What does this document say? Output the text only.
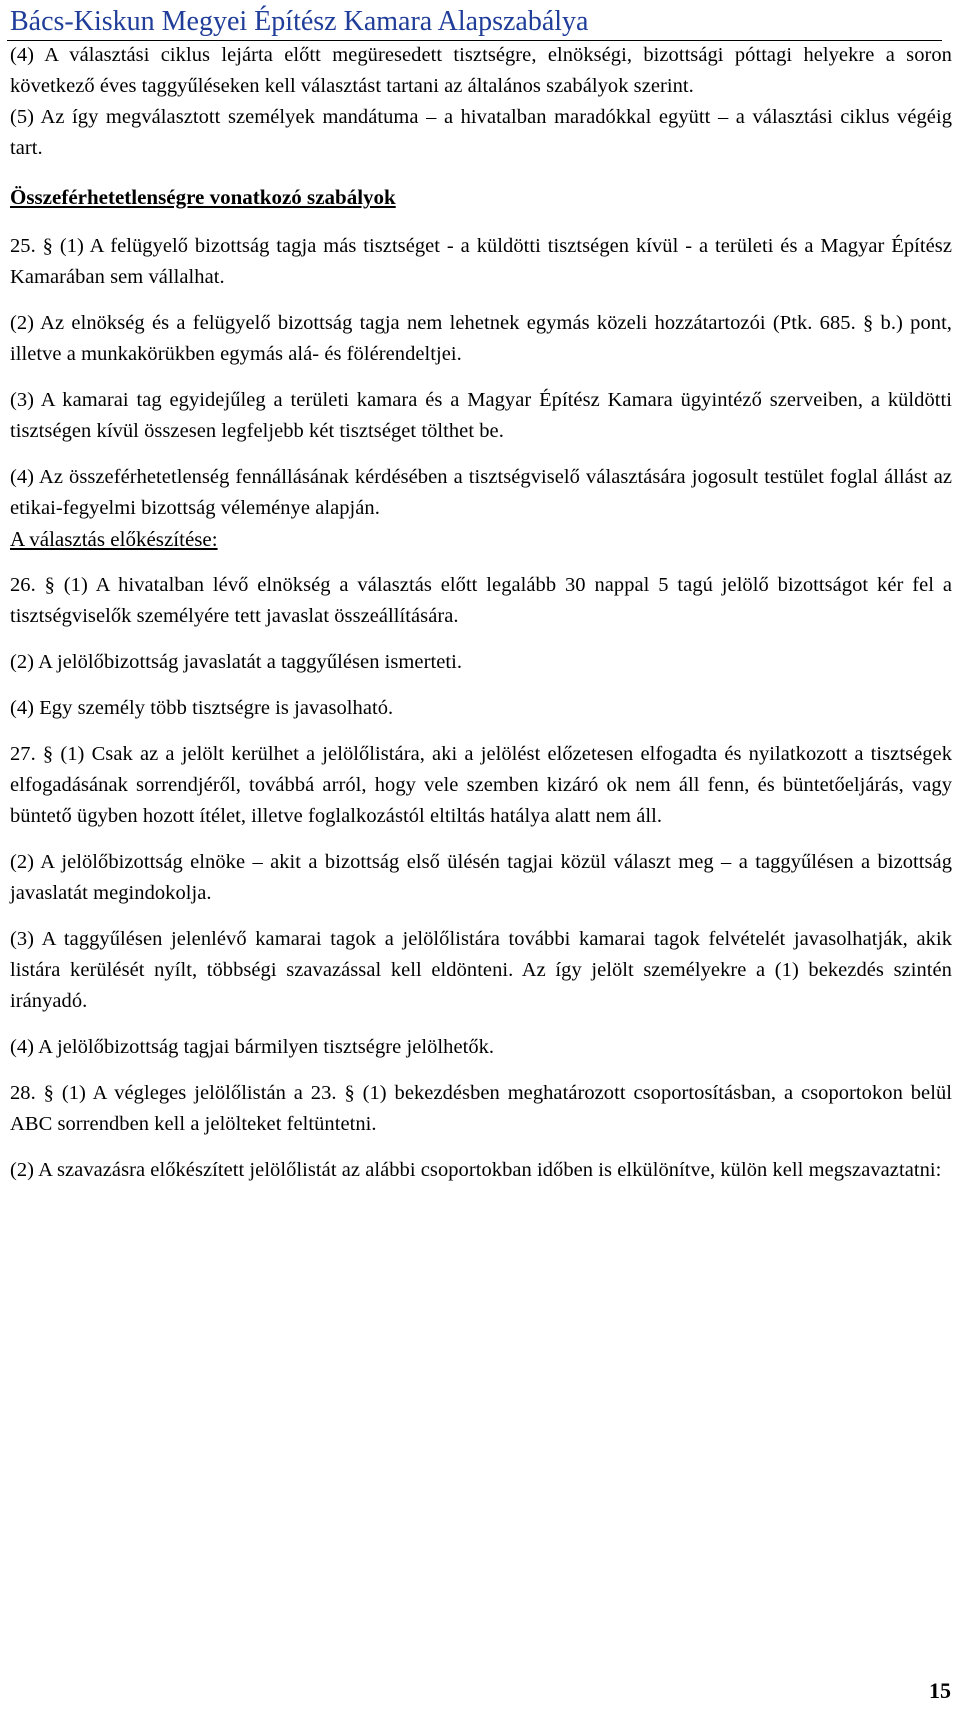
Bács-Kiskun Megyei Építész Kamara Alapszabálya

(4) A választási ciklus lejárta előtt megüresedett tisztségre, elnökségi, bizottsági póttagi helyekre a soron következő éves taggyűléseken kell választást tartani az általános szabályok szerint.

(5) Az így megválasztott személyek mandátuma – a hivatalban maradókkal együtt – a választási ciklus végéig tart.

Összeférhetetlenségre vonatkozó szabályok

25. § (1) A felügyelő bizottság tagja más tisztséget - a küldötti tisztségen kívül - a területi és a Magyar Építész Kamarában sem vállalhat.

(2) Az elnökség és a felügyelő bizottság tagja nem lehetnek egymás közeli hozzátartozói (Ptk. 685. § b.) pont, illetve a munkakörükben egymás alá- és fölérendeltjei.

(3) A kamarai tag egyidejűleg a területi kamara és a Magyar Építész Kamara ügyintéző szerveiben, a küldötti tisztségen kívül összesen legfeljebb két tisztséget tölthet be.

(4) Az összeférhetetlenség fennállásának kérdésében a tisztségviselő választására jogosult testület foglal állást az etikai-fegyelmi bizottság véleménye alapján.

A választás előkészítése:

26. § (1) A hivatalban lévő elnökség a választás előtt legalább 30 nappal 5 tagú jelölő bizottságot kér fel a tisztségviselők személyére tett javaslat összeállítására.

(2) A jelölőbizottság javaslatát a taggyűlésen ismerteti.

(4) Egy személy több tisztségre is javasolható.

27. § (1) Csak az a jelölt kerülhet a jelölőlistára, aki a jelölést előzetesen elfogadta és nyilatkozott a tisztségek elfogadásának sorrendjéről, továbbá arról, hogy vele szemben kizáró ok nem áll fenn, és büntetőeljárás, vagy büntető ügyben hozott ítélet, illetve foglalkozástól eltiltás hatálya alatt nem áll.

(2) A jelölőbizottság elnöke – akit a bizottság első ülésén tagjai közül választ meg – a taggyűlésen a bizottság javaslatát megindokolja.

(3) A taggyűlésen jelenlévő kamarai tagok a jelölőlistára további kamarai tagok felvételét javasolhatják, akik listára kerülését nyílt, többségi szavazással kell eldönteni. Az így jelölt személyekre a (1) bekezdés szintén irányadó.

(4) A jelölőbizottság tagjai bármilyen tisztségre jelölhetők.

28. § (1) A végleges jelölőlistán a 23. § (1) bekezdésben meghatározott csoportosításban, a csoportokon belül ABC sorrendben kell a jelölteket feltüntetni.

(2) A szavazásra előkészített jelölőlistát az alábbi csoportokban időben is elkülönítve, külön kell megszavaztatni:

15
